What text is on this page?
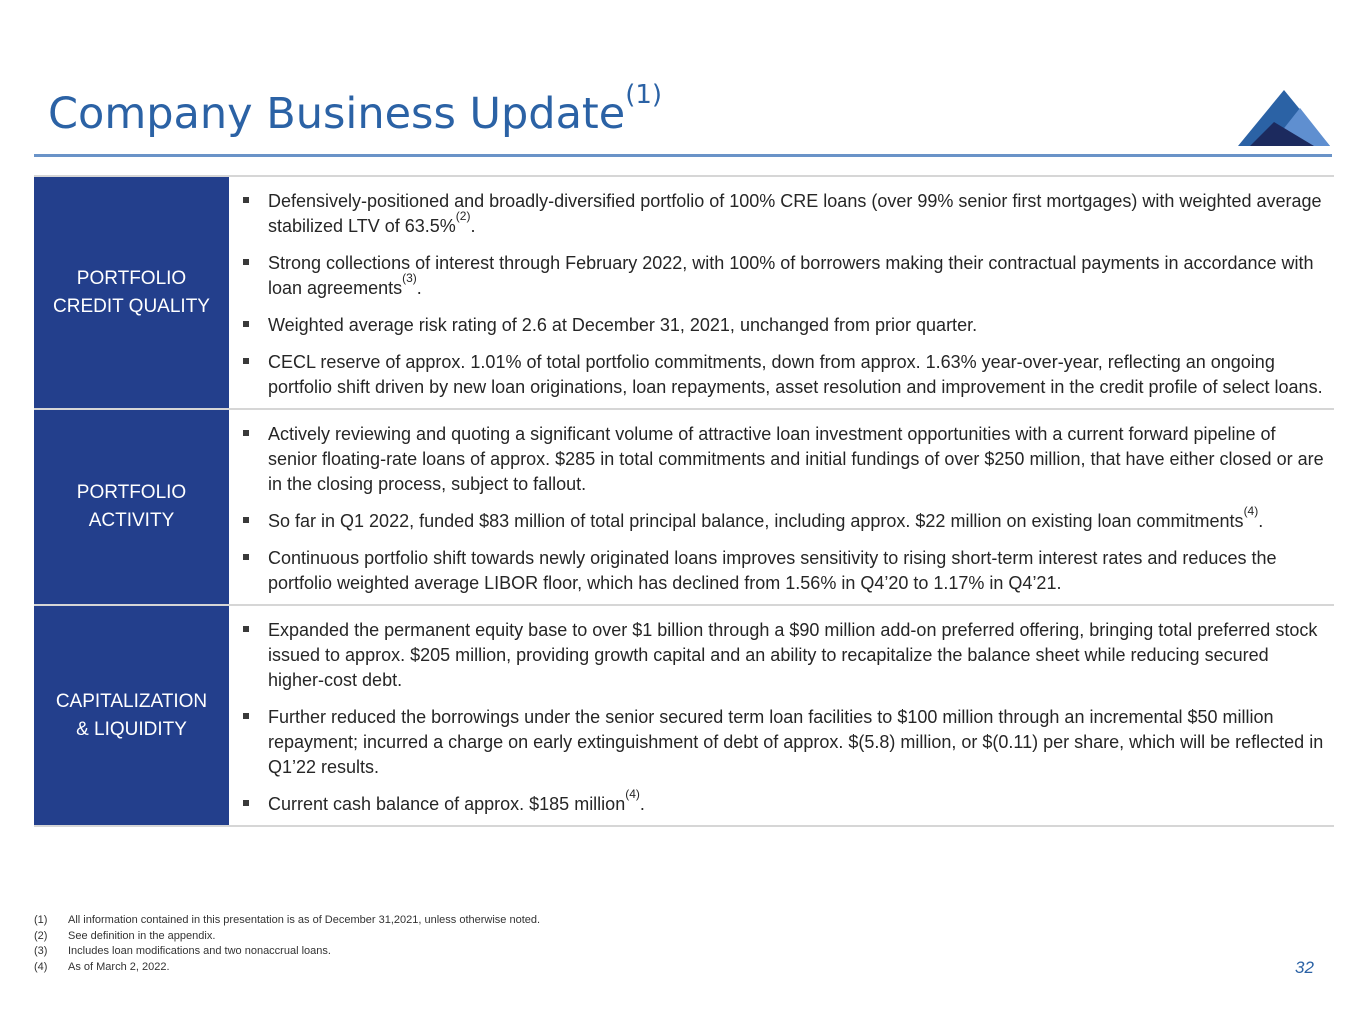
Company Business Update$^{(1)}$
PORTFOLIO
CREDIT QUALITY
Defensively-positioned and broadly-diversified portfolio of 100% CRE loans (over 99% senior first mortgages) with weighted average stabilized LTV of 63.5%$^{(2)}$.
Strong collections of interest through February 2022, with 100% of borrowers making their contractual payments in accordance with loan agreements$^{(3)}$.
Weighted average risk rating of 2.6 at December 31, 2021, unchanged from prior quarter.
CECL reserve of approx. 1.01% of total portfolio commitments, down from approx. 1.63% year-over-year, reflecting an ongoing portfolio shift driven by new loan originations, loan repayments, asset resolution and improvement in the credit profile of select loans.
PORTFOLIO
ACTIVITY
Actively reviewing and quoting a significant volume of attractive loan investment opportunities with a current forward pipeline of senior floating-rate loans of approx. $285 in total commitments and initial fundings of over $250 million, that have either closed or are in the closing process, subject to fallout.
So far in Q1 2022, funded $83 million of total principal balance, including approx. $22 million on existing loan commitments$^{(4)}$.
Continuous portfolio shift towards newly originated loans improves sensitivity to rising short-term interest rates and reduces the portfolio weighted average LIBOR floor, which has declined from 1.56% in Q4’20 to 1.17% in Q4’21.
CAPITALIZATION
& LIQUIDITY
Expanded the permanent equity base to over $1 billion through a $90 million add-on preferred offering, bringing total preferred stock issued to approx. $205 million, providing growth capital and an ability to recapitalize the balance sheet while reducing secured higher-cost debt.
Further reduced the borrowings under the senior secured term loan facilities to $100 million through an incremental $50 million repayment; incurred a charge on early extinguishment of debt of approx. $(5.8) million, or $(0.11) per share, which will be reflected in Q1’22 results.
Current cash balance of approx. $185 million$^{(4)}$.
(1)	All information contained in this presentation is as of December 31,2021, unless otherwise noted.
(2)	See definition in the appendix.
(3)	Includes loan modifications and two nonaccrual loans.
(4)	As of March 2, 2022.	32
